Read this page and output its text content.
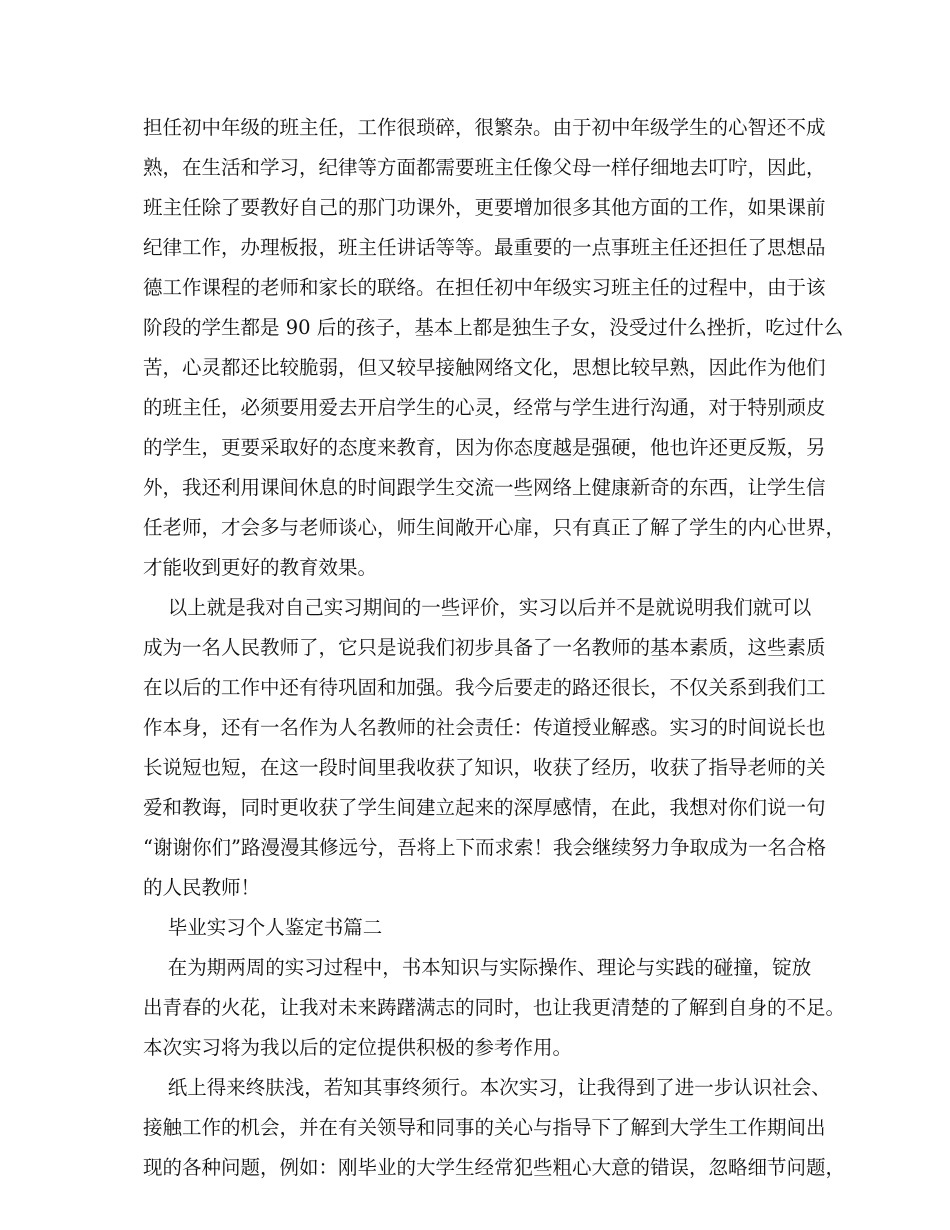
担任初中年级的班主任，工作很琐碎，很繁杂。由于初中年级学生的心智还不成

熟，在生活和学习，纪律等方面都需要班主任像父母一样仔细地去叮咛，因此，

班主任除了要教好自己的那门功课外，更要增加很多其他方面的工作，如果课前

纪律工作，办理板报，班主任讲话等等。最重要的一点事班主任还担任了思想品

德工作课程的老师和家长的联络。在担任初中年级实习班主任的过程中，由于该

阶段的学生都是 90 后的孩子，基本上都是独生子女，没受过什么挫折，吃过什么

苦，心灵都还比较脆弱，但又较早接触网络文化，思想比较早熟，因此作为他们

的班主任，必须要用爱去开启学生的心灵，经常与学生进行沟通，对于特别顽皮

的学生，更要采取好的态度来教育，因为你态度越是强硬，他也许还更反叛，另

外，我还利用课间休息的时间跟学生交流一些网络上健康新奇的东西，让学生信

任老师，才会多与老师谈心，师生间敞开心扉，只有真正了解了学生的内心世界，

才能收到更好的教育效果。

以上就是我对自己实习期间的一些评价，实习以后并不是就说明我们就可以

成为一名人民教师了，它只是说我们初步具备了一名教师的基本素质，这些素质

在以后的工作中还有待巩固和加强。我今后要走的路还很长，不仅关系到我们工

作本身，还有一名作为人名教师的社会责任：传道授业解惑。实习的时间说长也

长说短也短，在这一段时间里我收获了知识，收获了经历，收获了指导老师的关

爱和教诲，同时更收获了学生间建立起来的深厚感情，在此，我想对你们说一句

“谢谢你们”路漫漫其修远兮，吾将上下而求索！我会继续努力争取成为一名合格

的人民教师！

毕业实习个人鉴定书篇二

在为期两周的实习过程中，书本知识与实际操作、理论与实践的碰撞，锭放

出青春的火花，让我对未来踌躇满志的同时，也让我更清楚的了解到自身的不足。

本次实习将为我以后的定位提供积极的参考作用。

纸上得来终肤浅，若知其事终须行。本次实习，让我得到了进一步认识社会、

接触工作的机会，并在有关领导和同事的关心与指导下了解到大学生工作期间出

现的各种问题，例如：刚毕业的大学生经常犯些粗心大意的错误，忽略细节问题，
